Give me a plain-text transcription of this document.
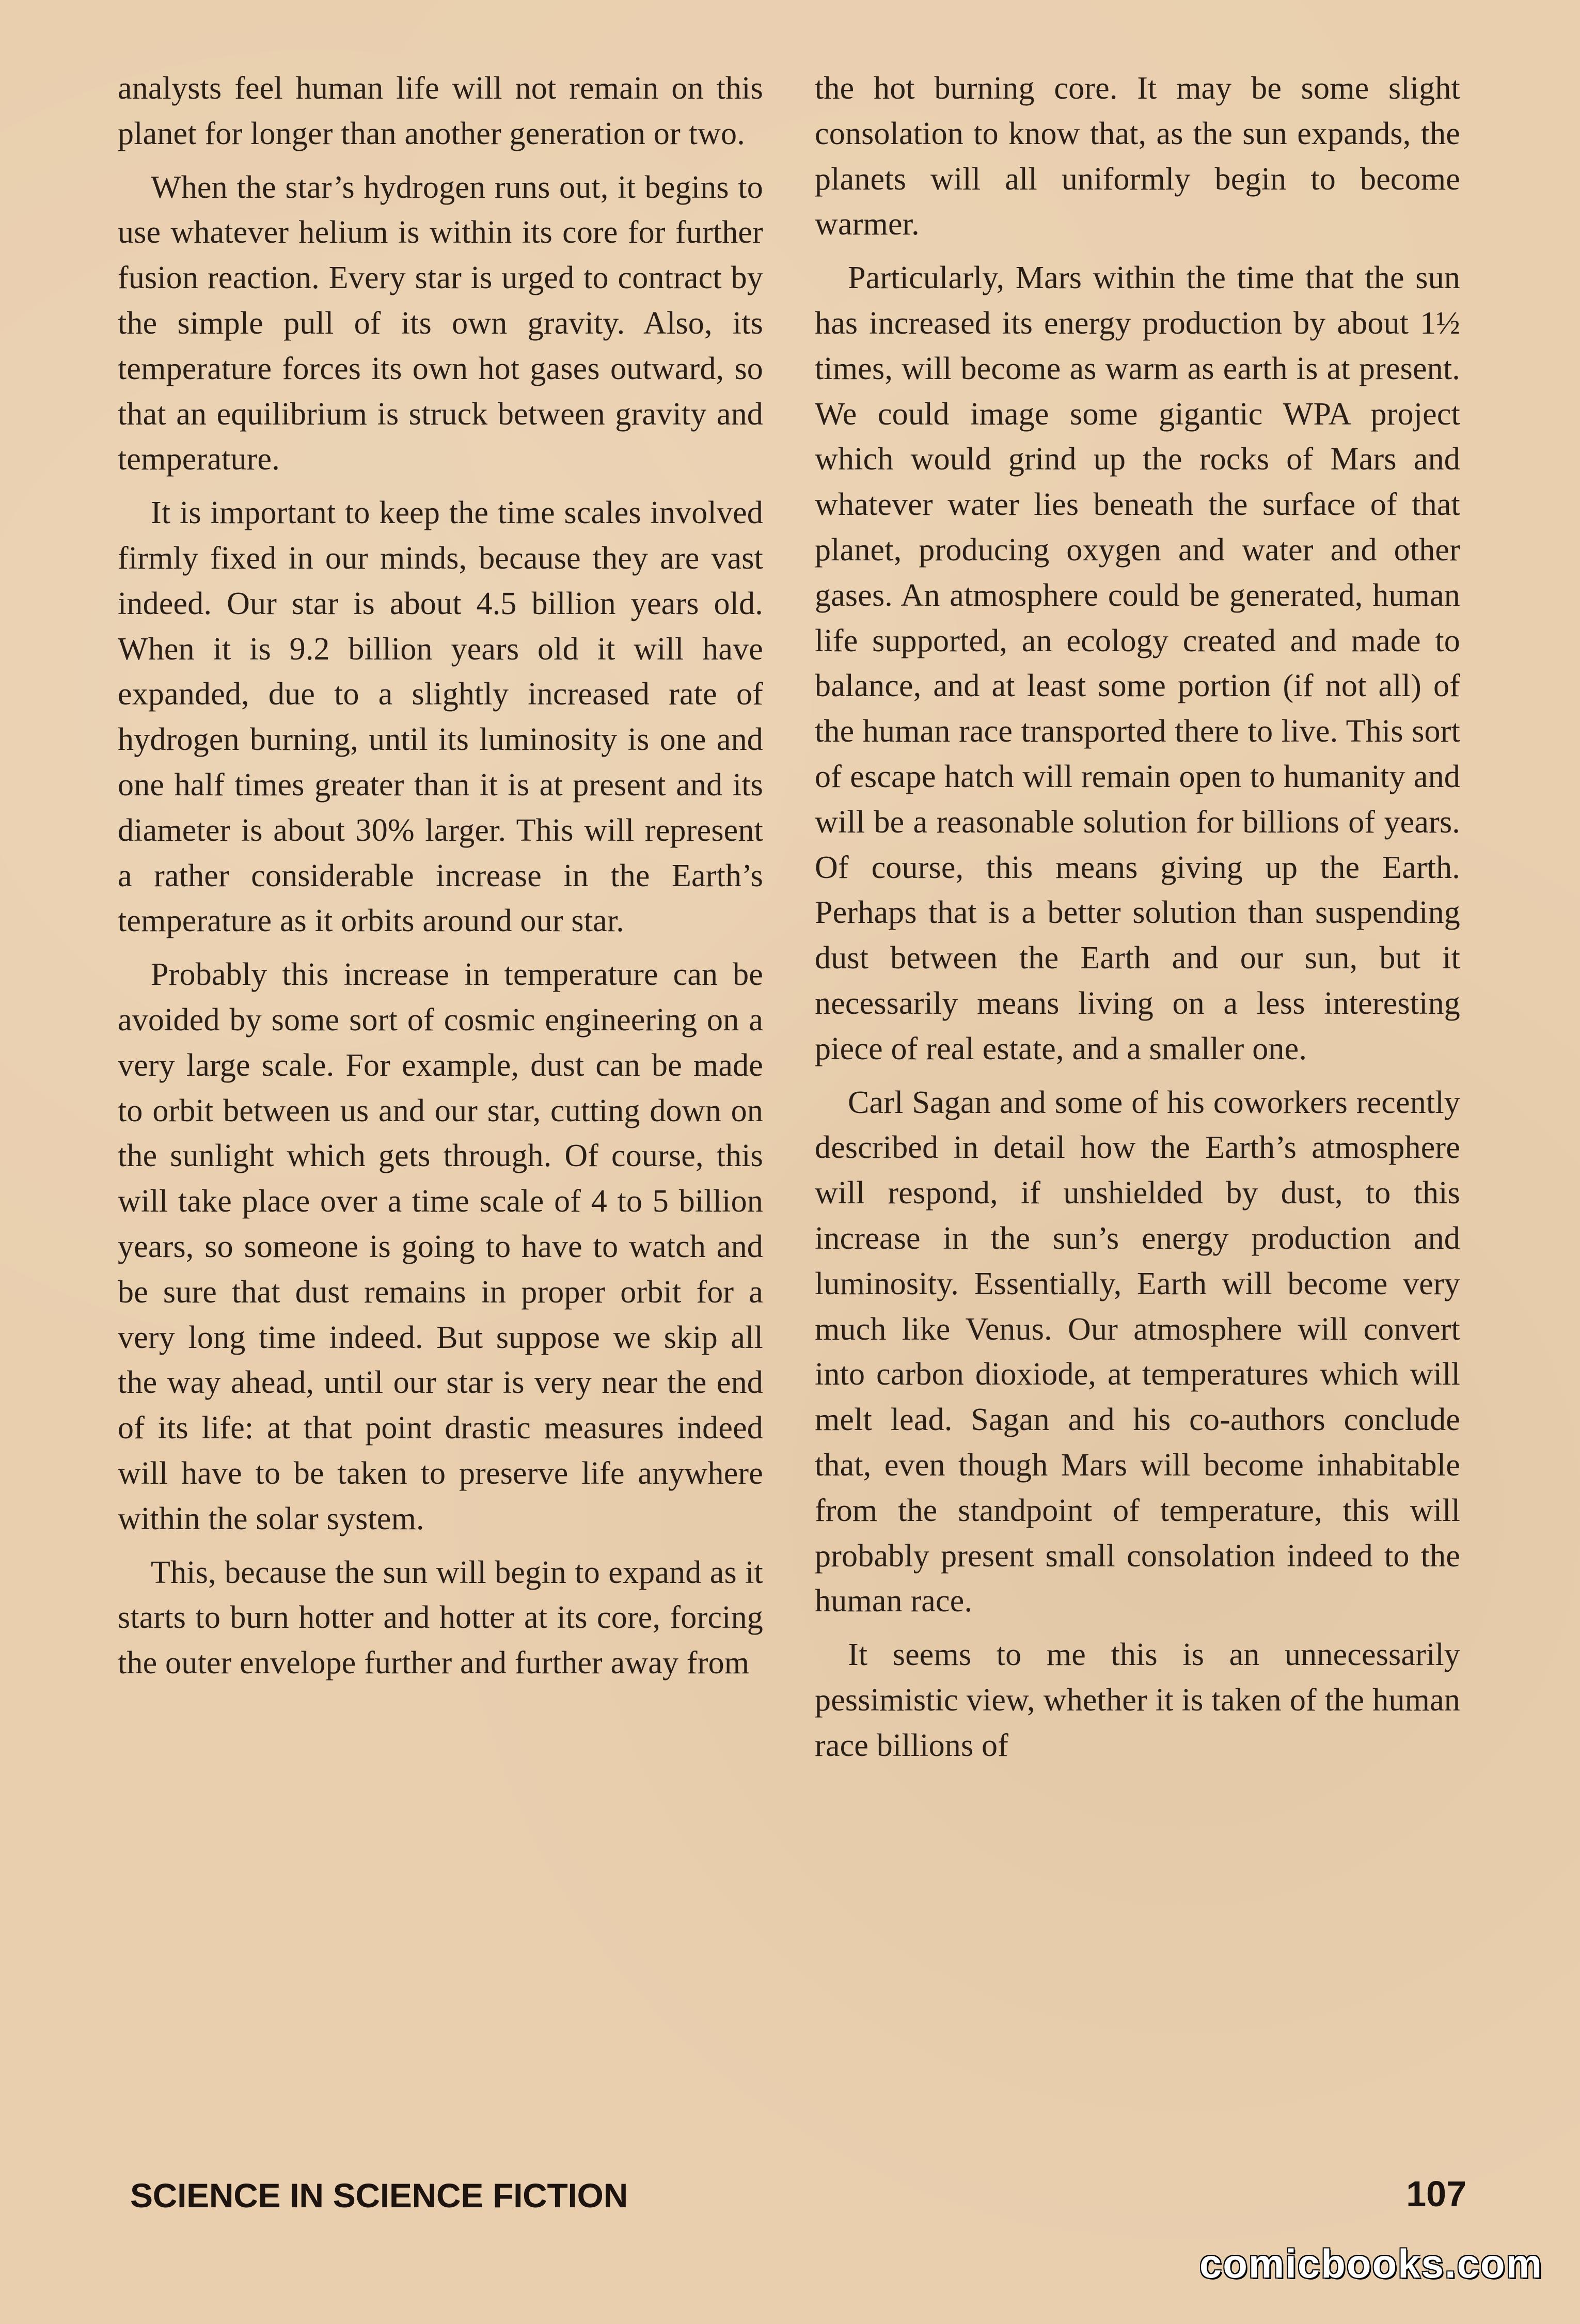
analysts feel human life will not remain on this planet for longer than another generation or two.

When the star’s hydrogen runs out, it begins to use whatever helium is within its core for further fusion reaction. Every star is urged to contract by the simple pull of its own gravity. Also, its temperature forces its own hot gases outward, so that an equilibrium is struck between gravity and temperature.

It is important to keep the time scales involved firmly fixed in our minds, because they are vast indeed. Our star is about 4.5 billion years old. When it is 9.2 billion years old it will have expanded, due to a slightly increased rate of hydrogen burning, until its luminosity is one and one half times greater than it is at present and its diameter is about 30% larger. This will represent a rather considerable increase in the Earth’s temperature as it orbits around our star.

Probably this increase in temperature can be avoided by some sort of cosmic engineering on a very large scale. For example, dust can be made to orbit between us and our star, cutting down on the sunlight which gets through. Of course, this will take place over a time scale of 4 to 5 billion years, so someone is going to have to watch and be sure that dust remains in proper orbit for a very long time indeed. But suppose we skip all the way ahead, until our star is very near the end of its life: at that point drastic measures indeed will have to be taken to preserve life anywhere within the solar system.

This, because the sun will begin to expand as it starts to burn hotter and hotter at its core, forcing the outer envelope further and further away from

the hot burning core. It may be some slight consolation to know that, as the sun expands, the planets will all uniformly begin to become warmer.

Particularly, Mars within the time that the sun has increased its energy production by about 1½ times, will become as warm as earth is at present. We could image some gigantic WPA project which would grind up the rocks of Mars and whatever water lies beneath the surface of that planet, producing oxygen and water and other gases. An atmosphere could be generated, human life supported, an ecology created and made to balance, and at least some portion (if not all) of the human race transported there to live. This sort of escape hatch will remain open to humanity and will be a reasonable solution for billions of years. Of course, this means giving up the Earth. Perhaps that is a better solution than suspending dust between the Earth and our sun, but it necessarily means living on a less interesting piece of real estate, and a smaller one.

Carl Sagan and some of his coworkers recently described in detail how the Earth’s atmosphere will respond, if unshielded by dust, to this increase in the sun’s energy production and luminosity. Essentially, Earth will become very much like Venus. Our atmosphere will convert into carbon dioxiode, at temperatures which will melt lead. Sagan and his co-authors conclude that, even though Mars will become inhabitable from the standpoint of temperature, this will probably present small consolation indeed to the human race.

It seems to me this is an unnecessarily pessimistic view, whether it is taken of the human race billions of

SCIENCE IN SCIENCE FICTION	107
comicbooks.com
